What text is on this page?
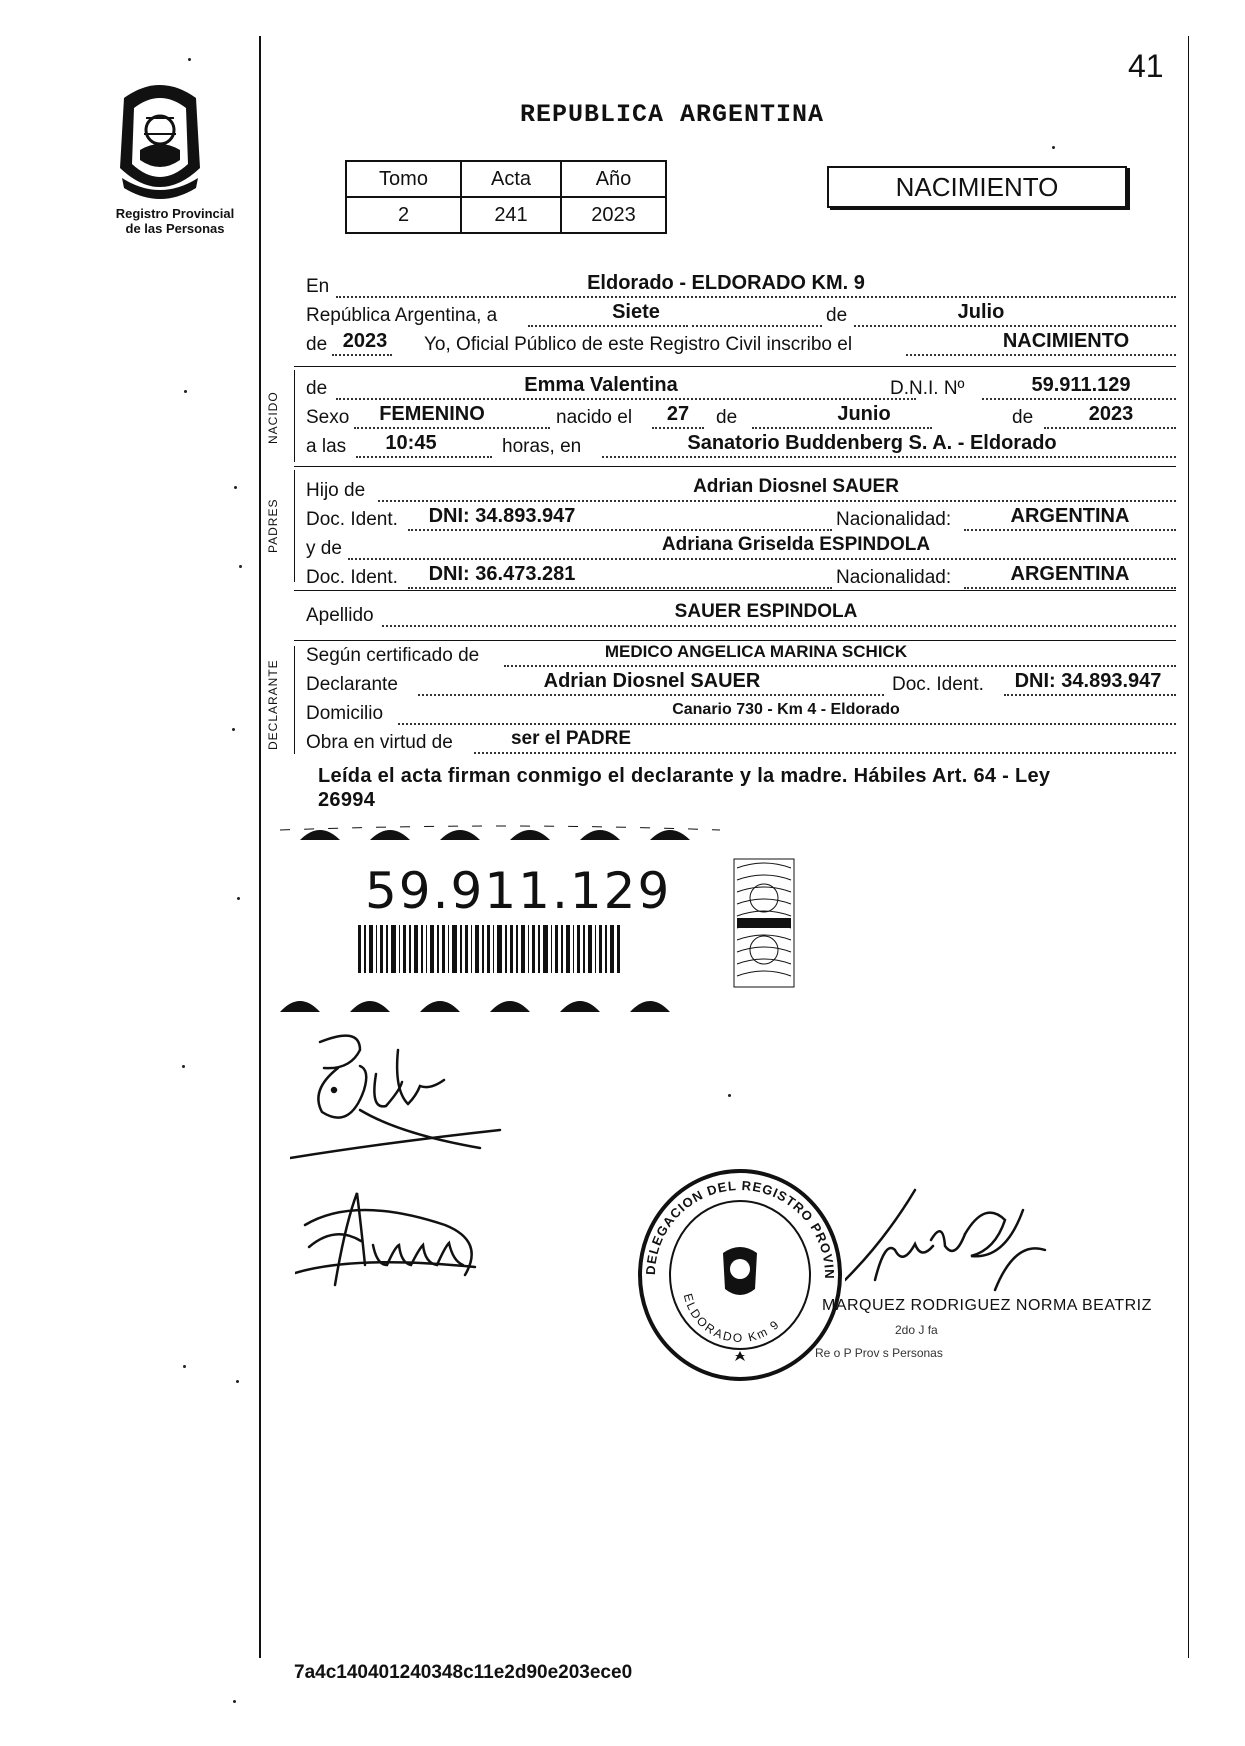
41
REPUBLICA ARGENTINA
Registro Provincial
de las Personas
Tomo	Acta	Año
2	241	2023
NACIMIENTO
NACIDO
PADRES
DECLARANTE
En	Eldorado - ELDORADO KM. 9
República Argentina, a	Siete	de	Julio
de 2023 Yo, Oficial Público de este Registro Civil inscribo el	NACIMIENTO
de	Emma Valentina	D.N.I. Nº	59.911.129
Sexo	FEMENINO	nacido el	27	de	Junio	de	2023
a las	10:45	horas, en	Sanatorio Buddenberg S. A. - Eldorado
Hijo de	Adrian Diosnel SAUER
Doc. Ident.	DNI: 34.893.947	Nacionalidad:	ARGENTINA
y de	Adriana Griselda ESPINDOLA
Doc. Ident.	DNI: 36.473.281	Nacionalidad:	ARGENTINA
Apellido	SAUER ESPINDOLA
Según certificado de	MEDICO ANGELICA MARINA SCHICK
Declarante	Adrian Diosnel SAUER	Doc. Ident.	DNI: 34.893.947
Domicilio	Canario 730 - Km 4 - Eldorado
Obra en virtud de	ser el PADRE
Leída el acta firman conmigo el declarante y la madre. Hábiles Art. 64 - Ley
26994
59.911.129
DELEGACION DEL REGISTRO PROVIN
ELDORADO Km 9
MARQUEZ RODRIGUEZ NORMA BEATRIZ
2do J fa
Re o P Prov s Personas
7a4c140401240348c11e2d90e203ece0
